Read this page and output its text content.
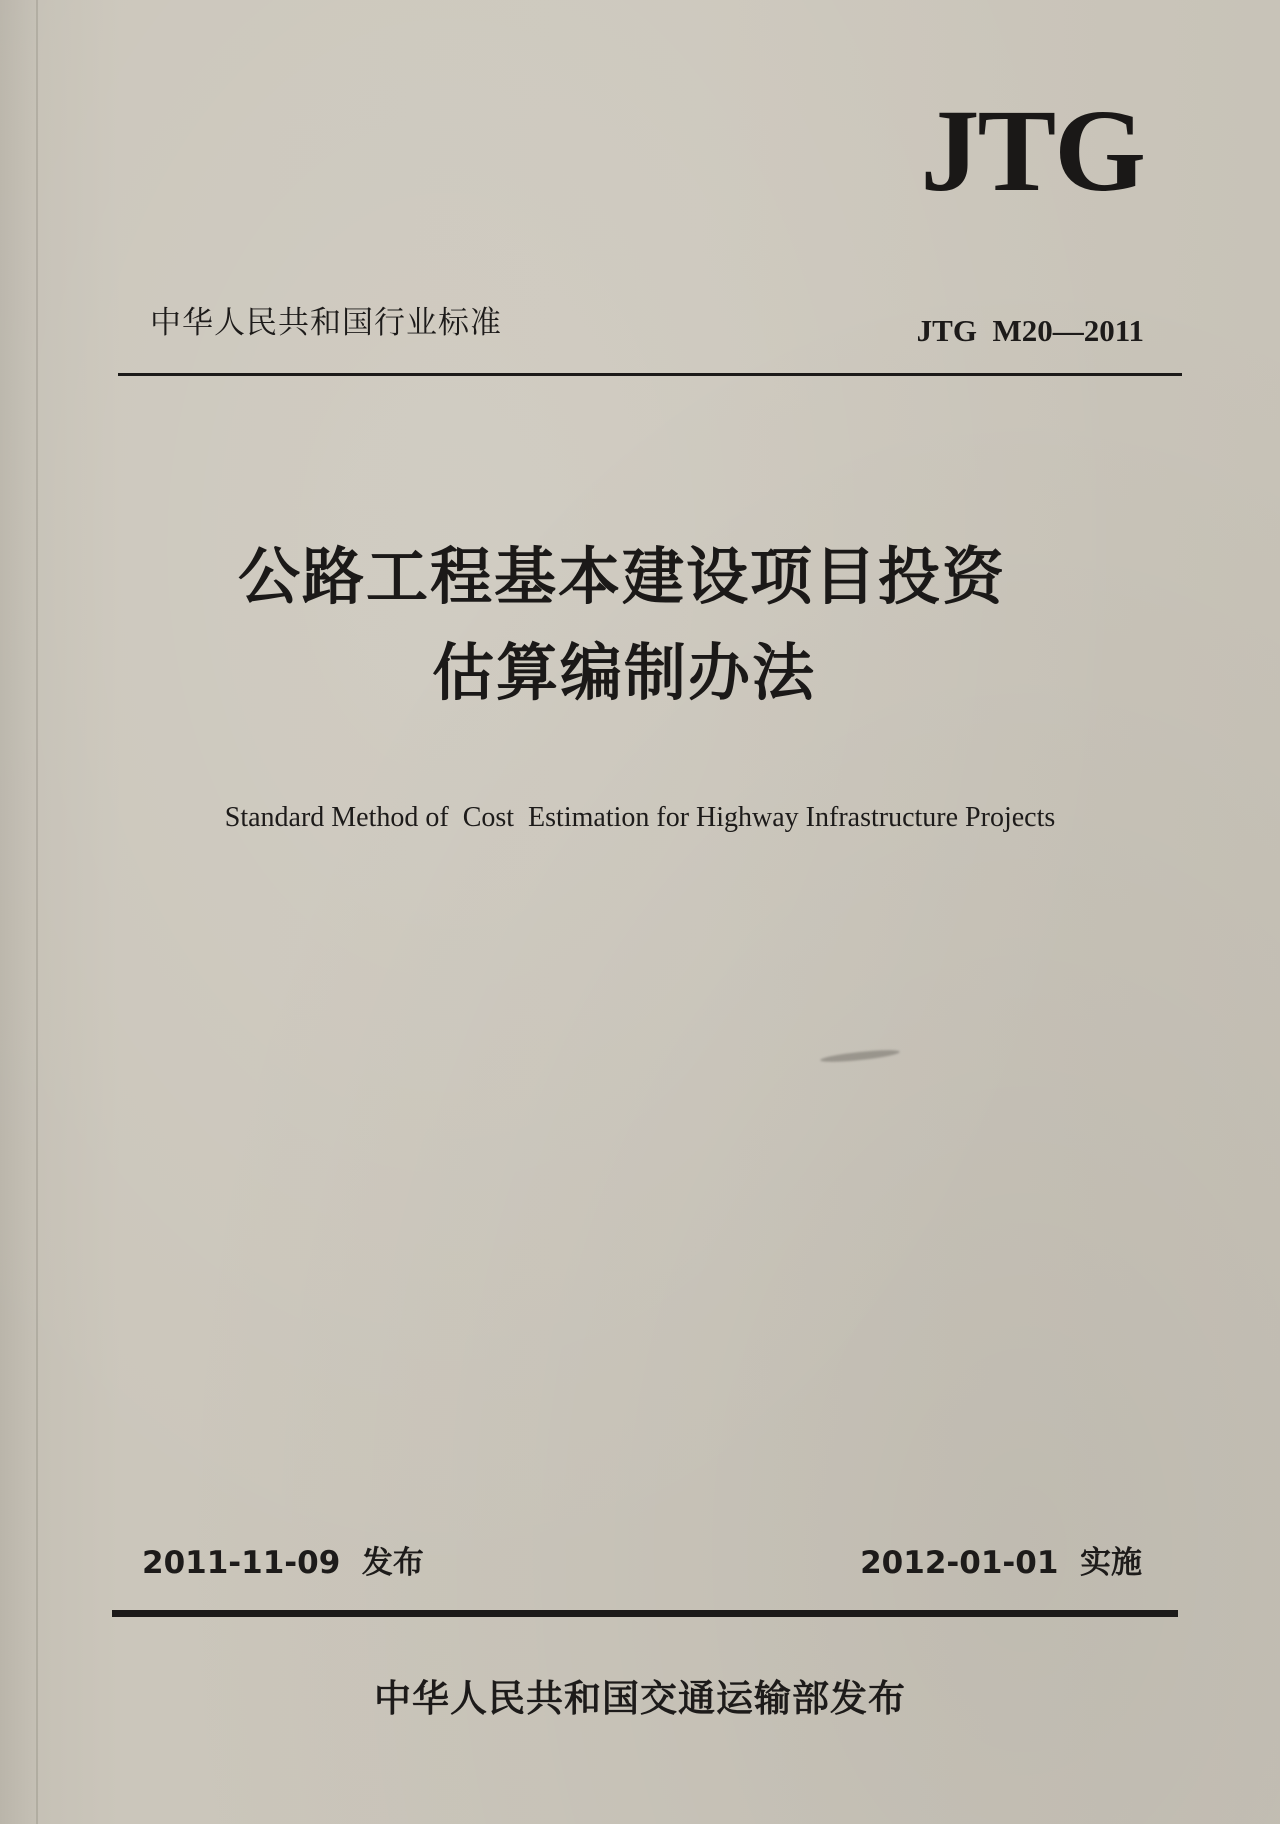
JTG
中华人民共和国行业标准	JTG  M20—2011
公路工程基本建设项目投资
估算编制办法
Standard Method of  Cost  Estimation for Highway Infrastructure Projects
2011-11-09  发布	2012-01-01  实施
中华人民共和国交通运输部发布
